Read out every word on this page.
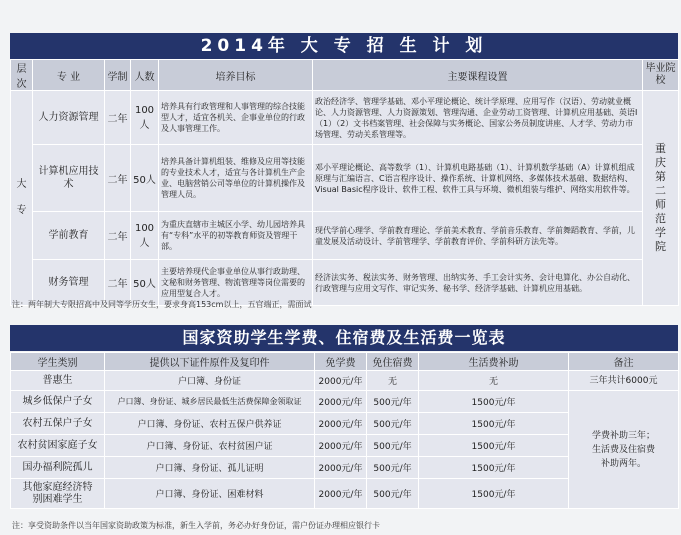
2014年 大 专 招 生 计 划
层次	专 业	学制	人数	培养目标	主要课程设置	毕业院校

大 专	人力资源管理	二年	100人	培养具有行政管理和人事管理的综合技能型人才，适宜各机关、企事业单位的行政及人事管理工作。	政治经济学、管理学基础、邓小平理论概论、统计学原理、应用写作（汉语）、劳动就业概论、人力资源管理、人力资源策划、管理沟通、企业劳动工资管理、计算机应用基础、英语Ⅰ（1）（2）文书档案管理、社会保障与实务概论、国家公务员制度讲座、人才学、劳动力市场管理、劳动关系管理等。	重 庆 第 二 师 范 学 院

	计算机应用技术	二年	50人	培养具备计算机组装、维修及应用等技能的专业技术人才，适宜与各计算机生产企业、电脑营销公司等单位的计算机操作及管理人员。	邓小平理论概论、高等数学（1）、计算机电路基础（1）、计算机数学基础（A）计算机组成原理与汇编语言、C语言程序设计、操作系统、计算机网络、多媒体技术基础、数据结构、Visual Basic程序设计、软件工程、软件工具与环境、微机组装与维护、网络实用软件等。	
	学前教育	二年	100人	为重庆直辖市主城区小学、幼儿园培养具有“专科”水平的初等教育师资及管理干部。	现代学前心理学、学前教育理论、学前美术教育、学前音乐教育、学前舞蹈教育、学前，儿童发展及活动设计、学前管理学、学前教育评价、学前科研方法先等。	
	财务管理	二年	50人	主要培养现代企事业单位从事行政助理、文秘和财务管理、物流管理等岗位需要的应用型复合人才。	经济法实务、税法实务、财务管理、出纳实务、手工会计实务、会计电算化、办公自动化、行政管理与应用文写作、审记实务、秘书学、经济学基础、计算机应用基础。	
注：两年制大专限招高中及同等学历女生，要求身高153cm以上，五官端正，需面试
国家资助学生学费、住宿费及生活费一览表
学生类别	提供以下证件原件及复印件	免学费	免住宿费	生活费补助	备注
普惠生	户口簿、身份证	2000元/年	无	无	三年共计6000元
城乡低保户子女	户口簿、身份证、城乡居民最低生活费保障金领取证	2000元/年	500元/年	1500元/年	学费补助三年；生活费及住宿费补助两年。

农村五保户子女	户口簿、身份证、农村五保户供养证	2000元/年	500元/年	1500元/年	
农村贫困家庭子女	户口簿、身份证、农村贫困户证	2000元/年	500元/年	1500元/年	
国办福利院孤儿	户口簿、身份证、孤儿证明	2000元/年	500元/年	1500元/年	

其他家庭经济特别困难学生	户口簿、身份证、困难材料	2000元/年	500元/年	1500元/年	
注：享受资助条件以当年国家资助政策为标准，新生入学前，务必办好身份证，需户份证办理相应银行卡
